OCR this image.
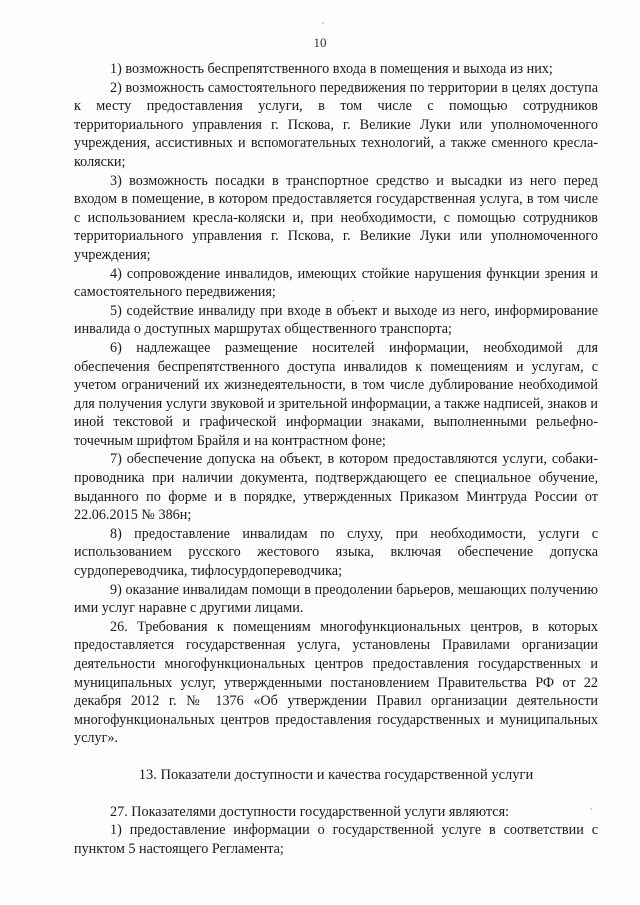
10

1) возможность беспрепятственного входа в помещения и выхода из них;

2) возможность самостоятельного передвижения по территории в целях доступа к месту предоставления услуги, в том числе с помощью сотрудников территориального управления г. Пскова, г. Великие Луки или уполномоченного учреждения, ассистивных и вспомогательных технологий, а также сменного кресла-коляски;

3) возможность посадки в транспортное средство и высадки из него перед входом в помещение, в котором предоставляется государственная услуга, в том числе с использованием кресла-коляски и, при необходимости, с помощью сотрудников территориального управления г. Пскова, г. Великие Луки или уполномоченного учреждения;

4) сопровождение инвалидов, имеющих стойкие нарушения функции зрения и самостоятельного передвижения;

5) содействие инвалиду при входе в объект и выходе из него, информирование инвалида о доступных маршрутах общественного транспорта;

6) надлежащее размещение носителей информации, необходимой для обеспечения беспрепятственного доступа инвалидов к помещениям и услугам, с учетом ограничений их жизнедеятельности, в том числе дублирование необходимой для получения услуги звуковой и зрительной информации, а также надписей, знаков и иной текстовой и графической информации знаками, выполненными рельефно-точечным шрифтом Брайля и на контрастном фоне;

7) обеспечение допуска на объект, в котором предоставляются услуги, собаки-проводника при наличии документа, подтверждающего ее специальное обучение, выданного по форме и в порядке, утвержденных Приказом Минтруда России от 22.06.2015 № 386н;

8) предоставление инвалидам по слуху, при необходимости, услуги с использованием русского жестового языка, включая обеспечение допуска сурдопереводчика, тифлосурдопереводчика;

9) оказание инвалидам помощи в преодолении барьеров, мешающих получению ими услуг наравне с другими лицами.

26. Требования к помещениям многофункциональных центров, в которых предоставляется государственная услуга, установлены Правилами организации деятельности многофункциональных центров предоставления государственных и муниципальных услуг, утвержденными постановлением Правительства РФ от 22 декабря 2012 г. № 1376 «Об утверждении Правил организации деятельности многофункциональных центров предоставления государственных и муниципальных услуг».

13. Показатели доступности и качества государственной услуги

27. Показателями доступности государственной услуги являются:

1) предоставление информации о государственной услуге в соответствии с пунктом 5 настоящего Регламента;
